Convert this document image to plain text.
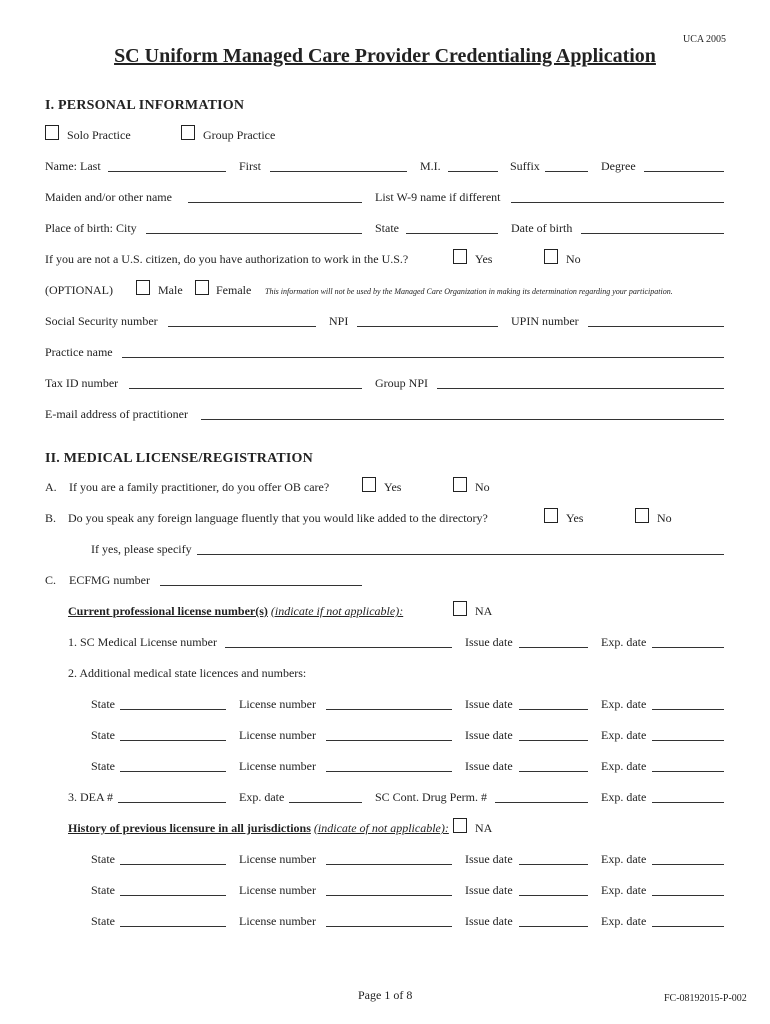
UCA 2005
SC Uniform Managed Care Provider Credentialing Application
I. PERSONAL INFORMATION
Solo Practice	Group Practice
Name: Last	First	M.I.	Suffix	Degree
Maiden and/or other name	List W-9 name if different
Place of birth: City	State	Date of birth
If you are not a U.S. citizen, do you have authorization to work in the U.S.?	Yes	No
(OPTIONAL)	Male	Female This information will not be used by the Managed Care Organization in making its determination regarding your participation.
Social Security number	NPI	UPIN number
Practice name
Tax ID number	Group NPI
E-mail address of practitioner
II. MEDICAL LICENSE/REGISTRATION
A. If you are a family practitioner, do you offer OB care?	Yes	No
B. Do you speak any foreign language fluently that you would like added to the directory?	Yes	No
If yes, please specify
C. ECFMG number
Current professional license number(s) (indicate if not applicable):	NA
1. SC Medical License number	Issue date	Exp. date
2. Additional medical state licences and numbers:
State	License number	Issue date	Exp. date
State	License number	Issue date	Exp. date
State	License number	Issue date	Exp. date
3. DEA #	Exp. date	SC Cont. Drug Perm. #	Exp. date
History of previous licensure in all jurisdictions (indicate of not applicable): NA
State	License number	Issue date	Exp. date
State	License number	Issue date	Exp. date
State	License number	Issue date	Exp. date
Page 1 of 8	FC-08192015-P-002
